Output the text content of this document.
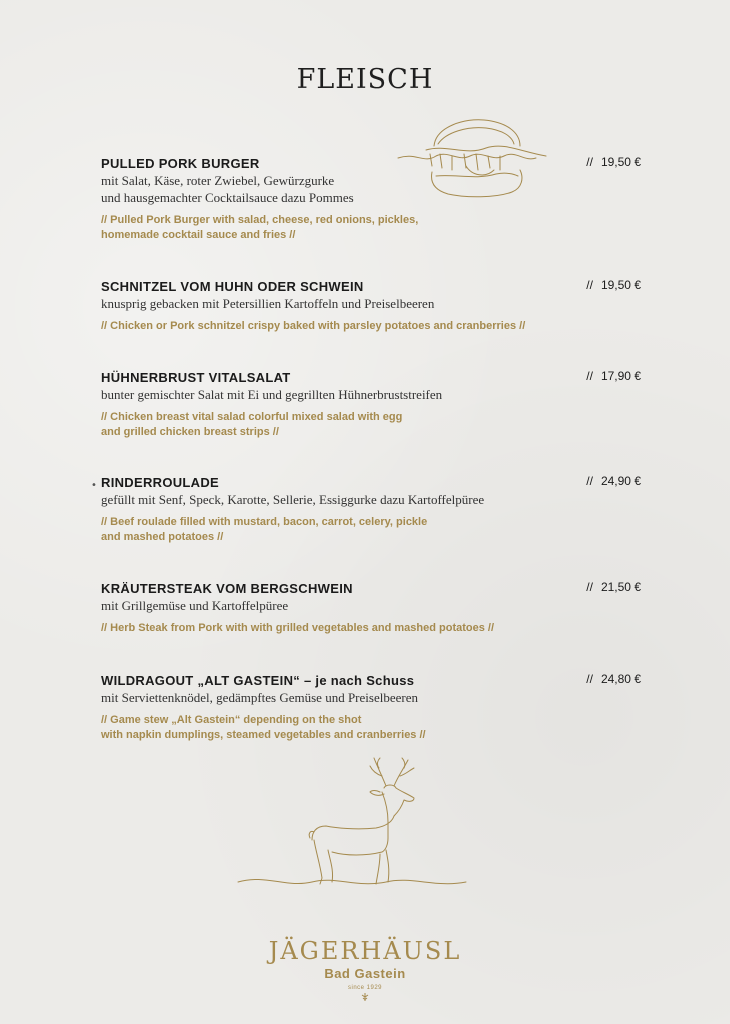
FLEISCH
PULLED PORK BURGER
mit Salat, Käse, roter Zwiebel, Gewürzgurke
und hausgemachter Cocktailsauce dazu Pommes
// Pulled Pork Burger with salad, cheese, red onions, pickles,
homemade cocktail sauce and fries //
// 19,50 €
SCHNITZEL VOM HUHN ODER SCHWEIN
knusprig gebacken mit Petersillien Kartoffeln und Preiselbeeren
// Chicken or Pork schnitzel crispy baked with parsley potatoes and cranberries //
// 19,50 €
HÜHNERBRUST VITALSALAT
bunter gemischter Salat mit Ei und gegrillten Hühnerbruststreifen
// Chicken breast vital salad colorful mixed salad with egg
and grilled chicken breast strips //
// 17,90 €
• RINDERROULADE
gefüllt mit Senf, Speck, Karotte, Sellerie, Essiggurke dazu Kartoffelpüree
// Beef roulade filled with mustard, bacon, carrot, celery, pickle
and mashed potatoes //
// 24,90 €
KRÄUTERSTEAK VOM BERGSCHWEIN
mit Grillgemüse und Kartoffelpüree
// Herb Steak from Pork with with grilled vegetables and mashed potatoes //
// 21,50 €
WILDRAGOUT „ALT GASTEIN“ – je nach Schuss
mit Serviettenknödel, gedämpftes Gemüse und Preiselbeeren
// Game stew „Alt Gastein“ depending on the shot
with napkin dumplings, steamed vegetables and cranberries //
// 24,80 €
JÄGERHÄUSL
Bad Gastein
since 1929
